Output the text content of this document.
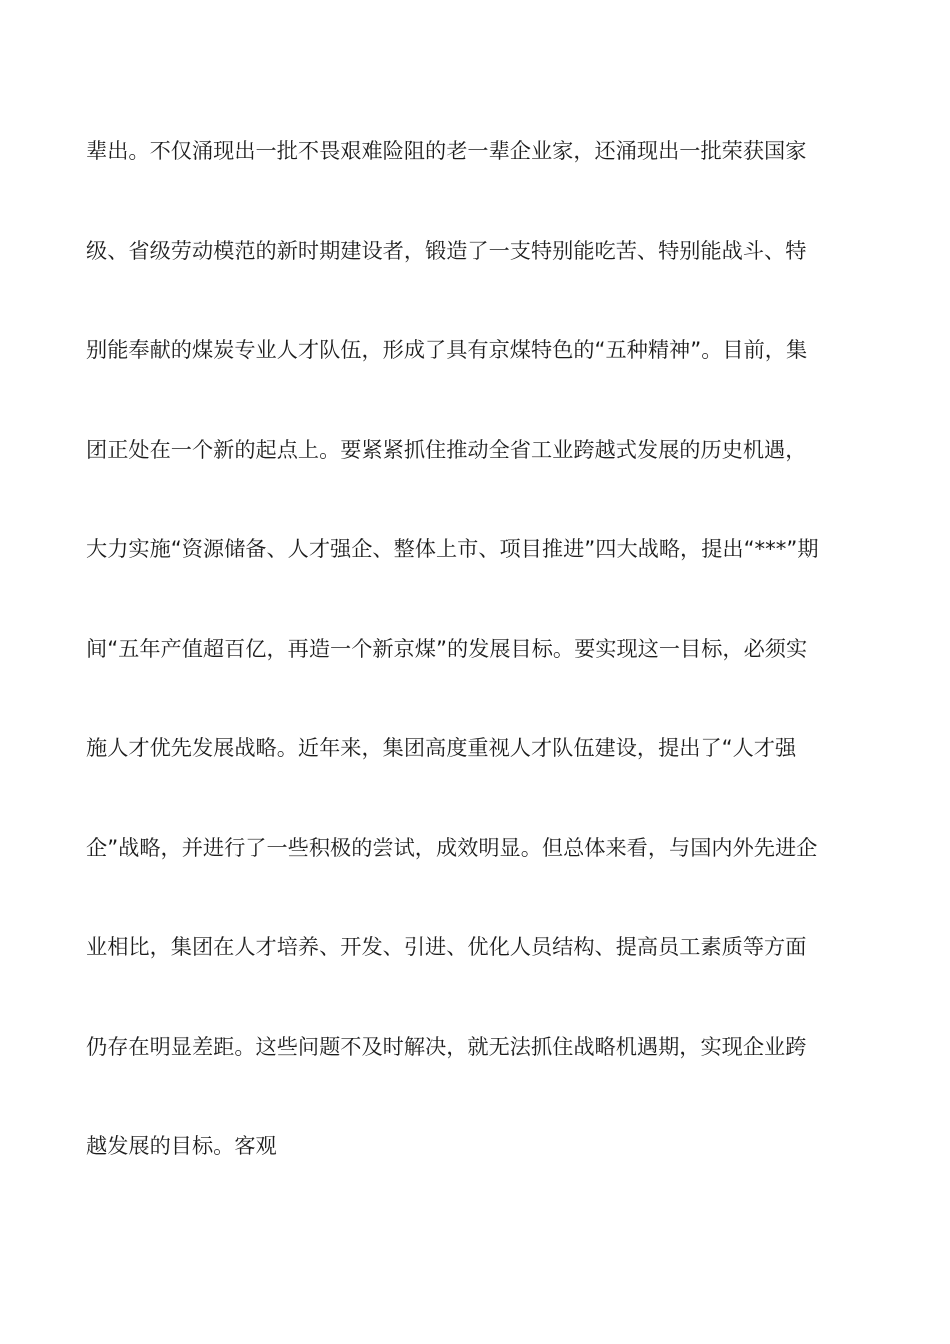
辈出。不仅涌现出一批不畏艰难险阻的老一辈企业家，还涌现出一批荣获国家
级、省级劳动模范的新时期建设者，锻造了一支特别能吃苦、特别能战斗、特
别能奉献的煤炭专业人才队伍，形成了具有京煤特色的“五种精神”。目前，集
团正处在一个新的起点上。要紧紧抓住推动全省工业跨越式发展的历史机遇，
大力实施“资源储备、人才强企、整体上市、项目推进”四大战略，提出“***”期
间“五年产值超百亿，再造一个新京煤”的发展目标。要实现这一目标，必须实
施人才优先发展战略。近年来，集团高度重视人才队伍建设，提出了“人才强
企”战略，并进行了一些积极的尝试，成效明显。但总体来看，与国内外先进企
业相比，集团在人才培养、开发、引进、优化人员结构、提高员工素质等方面
仍存在明显差距。这些问题不及时解决，就无法抓住战略机遇期，实现企业跨
越发展的目标。客观
